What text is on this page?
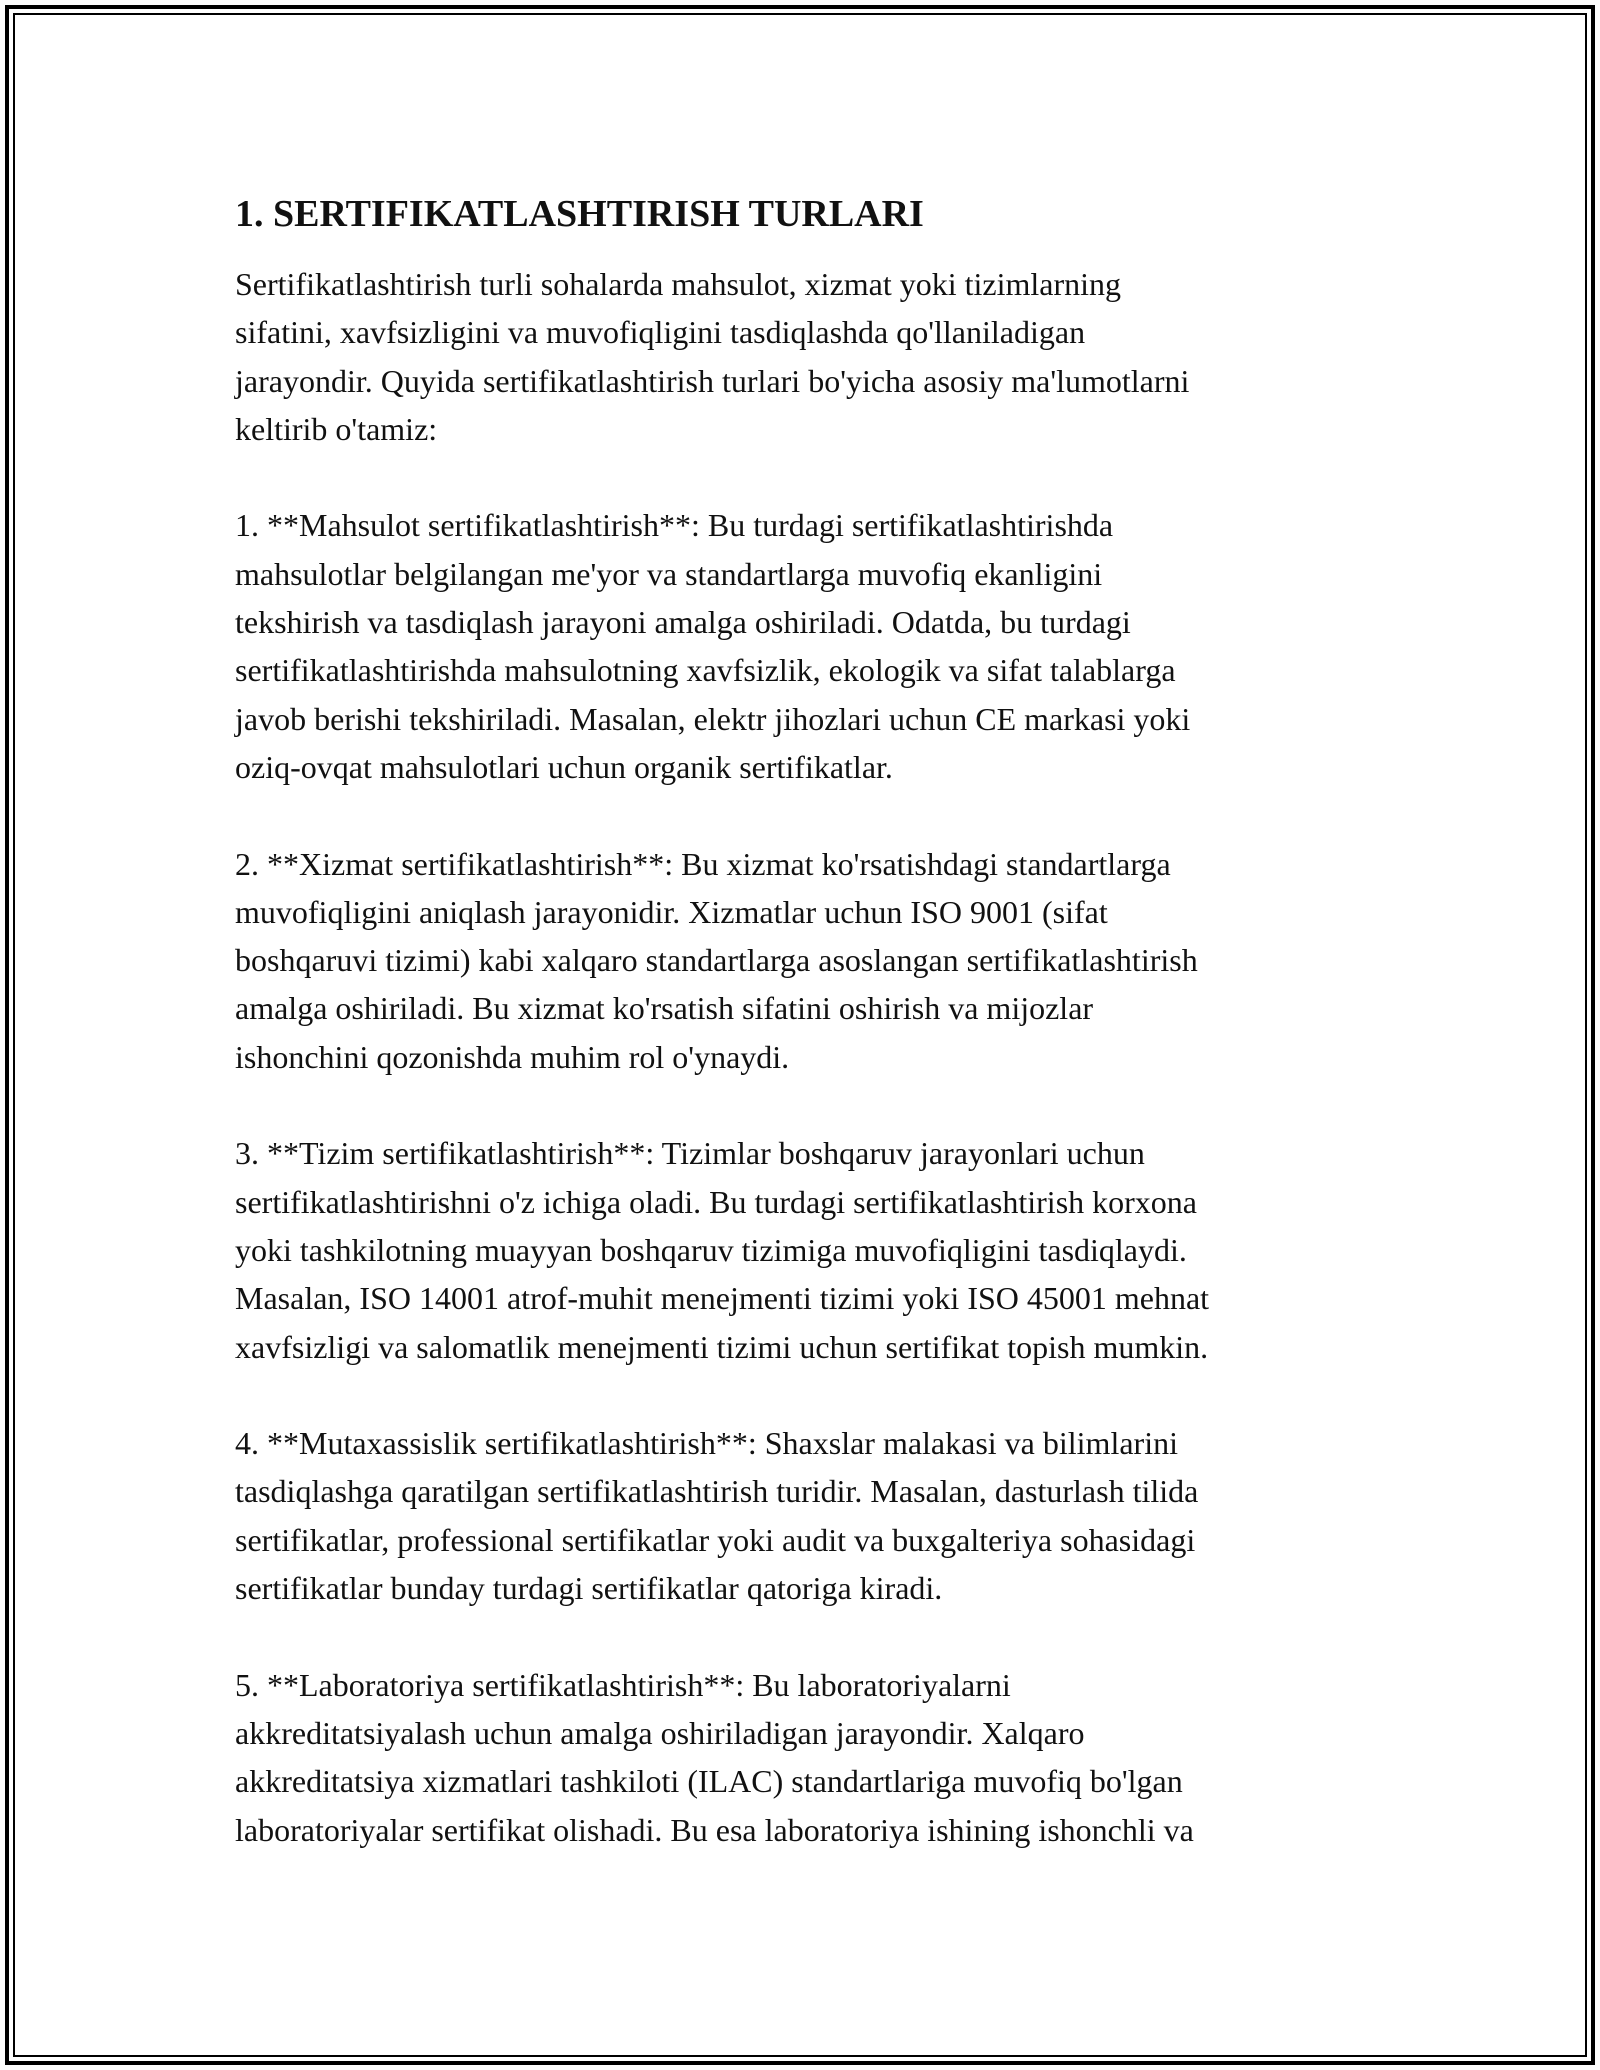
1. SERTIFIKATLASHTIRISH TURLARI
Sertifikatlashtirish turli sohalarda mahsulot, xizmat yoki tizimlarning
sifatini, xavfsizligini va muvofiqligini tasdiqlashda qo'llaniladigan
jarayondir. Quyida sertifikatlashtirish turlari bo'yicha asosiy ma'lumotlarni
keltirib o'tamiz:
1. **Mahsulot sertifikatlashtirish**: Bu turdagi sertifikatlashtirishda
mahsulotlar belgilangan me'yor va standartlarga muvofiq ekanligini
tekshirish va tasdiqlash jarayoni amalga oshiriladi. Odatda, bu turdagi
sertifikatlashtirishda mahsulotning xavfsizlik, ekologik va sifat talablarga
javob berishi tekshiriladi. Masalan, elektr jihozlari uchun CE markasi yoki
oziq-ovqat mahsulotlari uchun organik sertifikatlar.
2. **Xizmat sertifikatlashtirish**: Bu xizmat ko'rsatishdagi standartlarga
muvofiqligini aniqlash jarayonidir. Xizmatlar uchun ISO 9001 (sifat
boshqaruvi tizimi) kabi xalqaro standartlarga asoslangan sertifikatlashtirish
amalga oshiriladi. Bu xizmat ko'rsatish sifatini oshirish va mijozlar
ishonchini qozonishda muhim rol o'ynaydi.
3. **Tizim sertifikatlashtirish**: Tizimlar boshqaruv jarayonlari uchun
sertifikatlashtirishni o'z ichiga oladi. Bu turdagi sertifikatlashtirish korxona
yoki tashkilotning muayyan boshqaruv tizimiga muvofiqligini tasdiqlaydi.
Masalan, ISO 14001 atrof-muhit menejmenti tizimi yoki ISO 45001 mehnat
xavfsizligi va salomatlik menejmenti tizimi uchun sertifikat topish mumkin.
4. **Mutaxassislik sertifikatlashtirish**: Shaxslar malakasi va bilimlarini
tasdiqlashga qaratilgan sertifikatlashtirish turidir. Masalan, dasturlash tilida
sertifikatlar, professional sertifikatlar yoki audit va buxgalteriya sohasidagi
sertifikatlar bunday turdagi sertifikatlar qatoriga kiradi.
5. **Laboratoriya sertifikatlashtirish**: Bu laboratoriyalarni
akkreditatsiyalash uchun amalga oshiriladigan jarayondir. Xalqaro
akkreditatsiya xizmatlari tashkiloti (ILAC) standartlariga muvofiq bo'lgan
laboratoriyalar sertifikat olishadi. Bu esa laboratoriya ishining ishonchli va
